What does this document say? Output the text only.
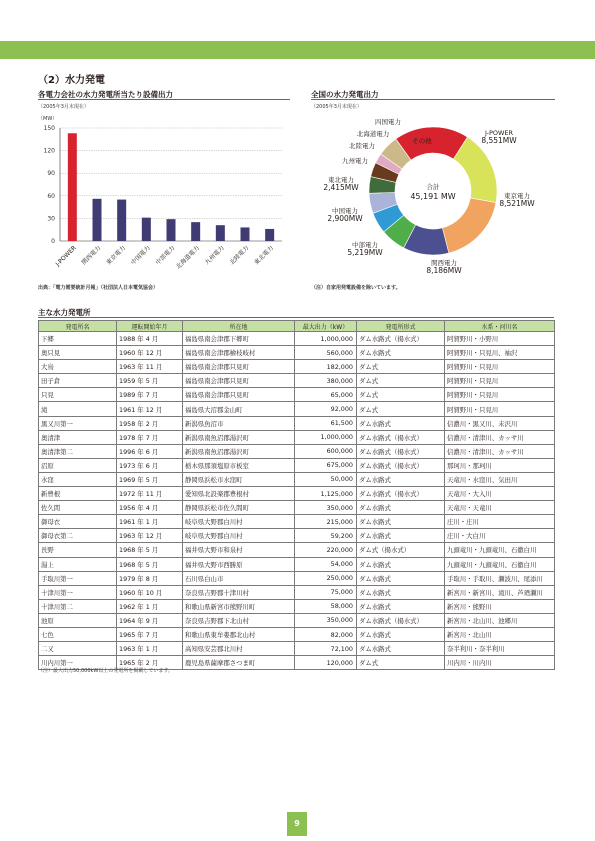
（2）水力発電
各電力会社の水力発電所当たり設備出力
（2005年3月末現在）
（MW）
0
30
60
90
120
150
J-POWER 関西電力 東京電力 中国電力 中部電力
北海道電力 九州電力 北陸電力 東北電力
出典：「電力需要統計月報」（社団法人日本電気協会）
全国の水力発電出力
（2005年3月末現在）
合計
45,191 MW
J-POWER
8,551MW
東京電力
8,521MW
関西電力
8,186MW
中部電力
5,219MW
中国電力
2,900MW
東北電力
2,415MW
九州電力
北陸電力
北海道電力
四国電力
その他
（注）自家用発電設備を除いています。
主な水力発電所
発電所名	運転開始年月	所在地	最大出力（kW）	発電所形式	水系・河川名
下郷	1988 年 4 月	福島県南会津郡下郷町	1,000,000	ダム水路式（揚水式）	阿賀野川・小野川
奥只見	1960 年 12 月	福島県南会津郡檜枝岐村	560,000	ダム水路式	阿賀野川・只見川、袖沢
大鳥	1963 年 11 月	福島県南会津郡只見町	182,000	ダム式	阿賀野川・只見川
田子倉	1959 年 5 月	福島県南会津郡只見町	380,000	ダム式	阿賀野川・只見川
只見	1989 年 7 月	福島県南会津郡只見町	65,000	ダム式	阿賀野川・只見川
滝	1961 年 12 月	福島県大沼郡金山町	92,000	ダム式	阿賀野川・只見川
黒又川第一	1958 年 2 月	新潟県魚沼市	61,500	ダム水路式	信濃川・黒又川、末沢川
奥清津	1978 年 7 月	新潟県南魚沼郡湯沢町	1,000,000	ダム水路式（揚水式）	信濃川・清津川、カッサ川
奥清津第二	1996 年 6 月	新潟県南魚沼郡湯沢町	600,000	ダム水路式（揚水式）	信濃川・清津川、カッサ川
沼原	1973 年 6 月	栃木県那須塩原市板室	675,000	ダム水路式（揚水式）	那珂川・那珂川
水窪	1969 年 5 月	静岡県浜松市水窪町	50,000	ダム水路式	天竜川・水窪川、気田川
新豊根	1972 年 11 月	愛知県北設楽郡豊根村	1,125,000	ダム水路式（揚水式）	天竜川・大入川
佐久間	1956 年 4 月	静岡県浜松市佐久間町	350,000	ダム水路式	天竜川・天竜川
御母衣	1961 年 1 月	岐阜県大野郡白川村	215,000	ダム水路式	庄川・庄川
御母衣第二	1963 年 12 月	岐阜県大野郡白川村	59,200	ダム水路式	庄川・大白川
長野	1968 年 5 月	福井県大野市和泉村	220,000	ダム式（揚水式）	九頭竜川・九頭竜川、石徹白川
湯上	1968 年 5 月	福井県大野市西勝原	54,000	ダム水路式	九頭竜川・九頭竜川、石徹白川
手取川第一	1979 年 8 月	石川県白山市	250,000	ダム水路式	手取川・手取川、瀬波川、尾添川
十津川第一	1960 年 10 月	奈良県吉野郡十津川村	75,000	ダム水路式	新宮川・新宮川、滝川、芦廼瀬川
十津川第二	1962 年 1 月	和歌山県新宮市熊野川町	58,000	ダム水路式	新宮川・熊野川
池原	1964 年 9 月	奈良県吉野郡下北山村	350,000	ダム水路式（揚水式）	新宮川・北山川、池郷川
七色	1965 年 7 月	和歌山県東牟婁郡北山村	82,000	ダム水路式	新宮川・北山川
二又	1963 年 1 月	高知県安芸郡北川村	72,100	ダム水路式	奈半利川・奈半利川
川内川第一	1965 年 2 月	鹿児島県薩摩郡さつま町	120,000	ダム式	川内川・川内川
（注）最大出力50,000kW以上の発電所を掲載しています。
9
